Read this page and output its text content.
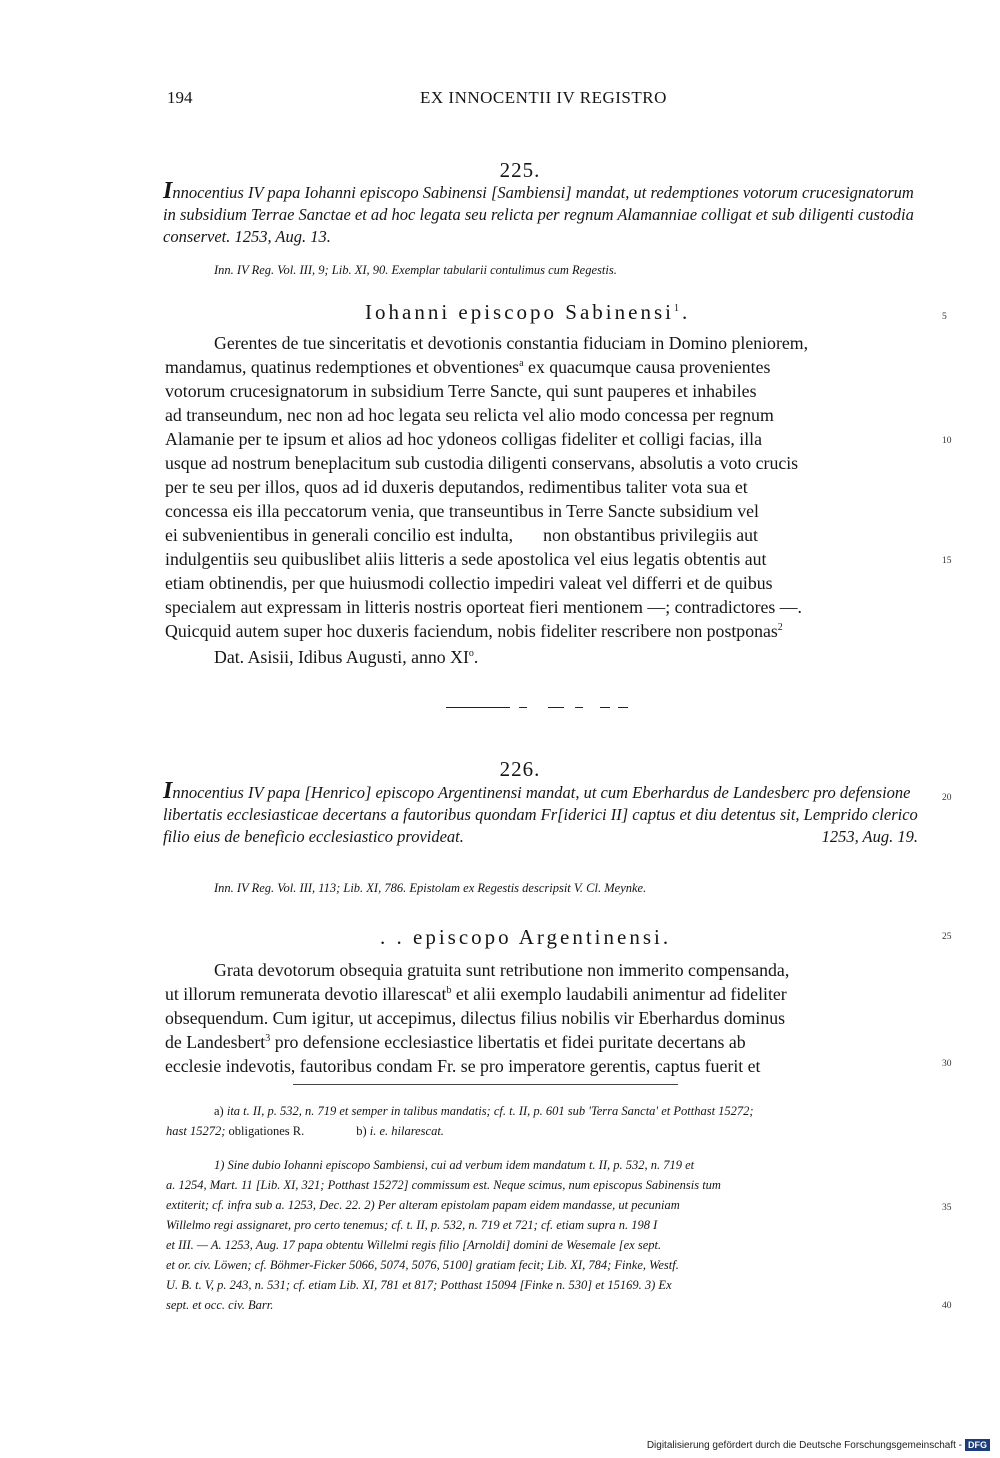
194	EX INNOCENTII IV REGISTRO
225.
Innocentius IV papa Iohanni episcopo Sabinensi [Sambiensi] mandat, ut redemptiones votorum crucesignatorum in subsidium Terrae Sanctae et ad hoc legata seu relicta per regnum Alamanniae colligat et sub diligenti custodia conservet. 1253, Aug. 13.
Inn. IV Reg. Vol. III, 9; Lib. XI, 90. Exemplar tabularii contulimus cum Regestis.
Iohanni episcopo Sabinensi$^1$.
Gerentes de tue sinceritatis et devotionis constantia fiduciam in Domino pleniorem,
mandamus, quatinus redemptiones et obventiones$^a$ ex quacumque causa provenientes
votorum crucesignatorum in subsidium Terre Sancte, qui sunt pauperes et inhabiles
ad transeundum, nec non ad hoc legata seu relicta vel alio modo concessa per regnum
Alamanie per te ipsum et alios ad hoc ydoneos colligas fideliter et colligi facias, illa
usque ad nostrum beneplacitum sub custodia diligenti conservans, absolutis a voto crucis
per te seu per illos, quos ad id duxeris deputandos, redimentibus taliter vota sua et
concessa eis illa peccatorum venia, que transeuntibus in Terre Sancte subsidium vel
ei subvenientibus in generali concilio est indulta, non obstantibus privilegiis aut
indulgentiis seu quibuslibet aliis litteris a sede apostolica vel eius legatis obtentis aut
etiam obtinendis, per que huiusmodi collectio impediri valeat vel differri et de quibus
specialem aut expressam in litteris nostris oporteat fieri mentionem —; contradictores —.
Quicquid autem super hoc duxeris faciendum, nobis fideliter rescribere non postponas$^2$
Dat. Asisii, Idibus Augusti, anno $XI^o$.
226.
Innocentius IV papa [Henrico] episcopo Argentinensi mandat, ut cum Eberhardus de Landesberc pro defensione libertatis ecclesiasticae decertans a fautoribus quondam Fr[iderici II] captus et diu detentus sit, Lemprido clerico filio eius de beneficio ecclesiastico provideat.	1253, Aug. 19.
Inn. IV Reg. Vol. III, 113; Lib. XI, 786. Epistolam ex Regestis descripsit V. Cl. Meynke.
. . episcopo Argentinensi.
Grata devotorum obsequia gratuita sunt retributione non immerito compensanda,
ut illorum remunerata devotio illarescat$^b$ et alii exemplo laudabili animentur ad fideliter
obsequendum. Cum igitur, ut accepimus, dilectus filius nobilis vir Eberhardus dominus
de Landesbert$^3$ pro defensione ecclesiastice libertatis et fidei puritate decertans ab
ecclesie indevotis, fautoribus condam Fr. se pro imperatore gerentis, captus fuerit et
a) ita t. II, p. 532, n. 719 et semper in talibus mandatis; cf. t. II, p. 601 sub 'Terra Sancta' et Potthast 15272;
hast 15272; obligationes R.	b) i. e. hilarescat.
1) Sine dubio Iohanni episcopo Sambiensi, cui ad verbum idem mandatum t. II, p. 532, n. 719 et
a. 1254, Mart. 11 [Lib. XI, 321; Potthast 15272] commissum est. Neque scimus, num episcopus Sabinensis tum
extiterit; cf. infra sub a. 1253, Dec. 22. 2) Per alteram epistolam papam eidem mandasse, ut pecuniam
Willelmo regi assignaret, pro certo tenemus; cf. t. II, p. 532, n. 719 et 721; cf. etiam supra n. 198 I
et III. — A. 1253, Aug. 17 papa obtentu Willelmi regis filio [Arnoldi] domini de Wesemale [ex sept.
et or. civ. Löwen; cf. Böhmer-Ficker 5066, 5074, 5076, 5100] gratiam fecit; Lib. XI, 784; Finke, Westf.
U. B. t. V, p. 243, n. 531; cf. etiam Lib. XI, 781 et 817; Potthast 15094 [Finke n. 530] et 15169. 3) Ex
sept. et occ. civ. Barr.
5
10
15
20
25
30
35
40
Digitalisierung gefördert durch die Deutsche Forschungsgemeinschaft - DFG
